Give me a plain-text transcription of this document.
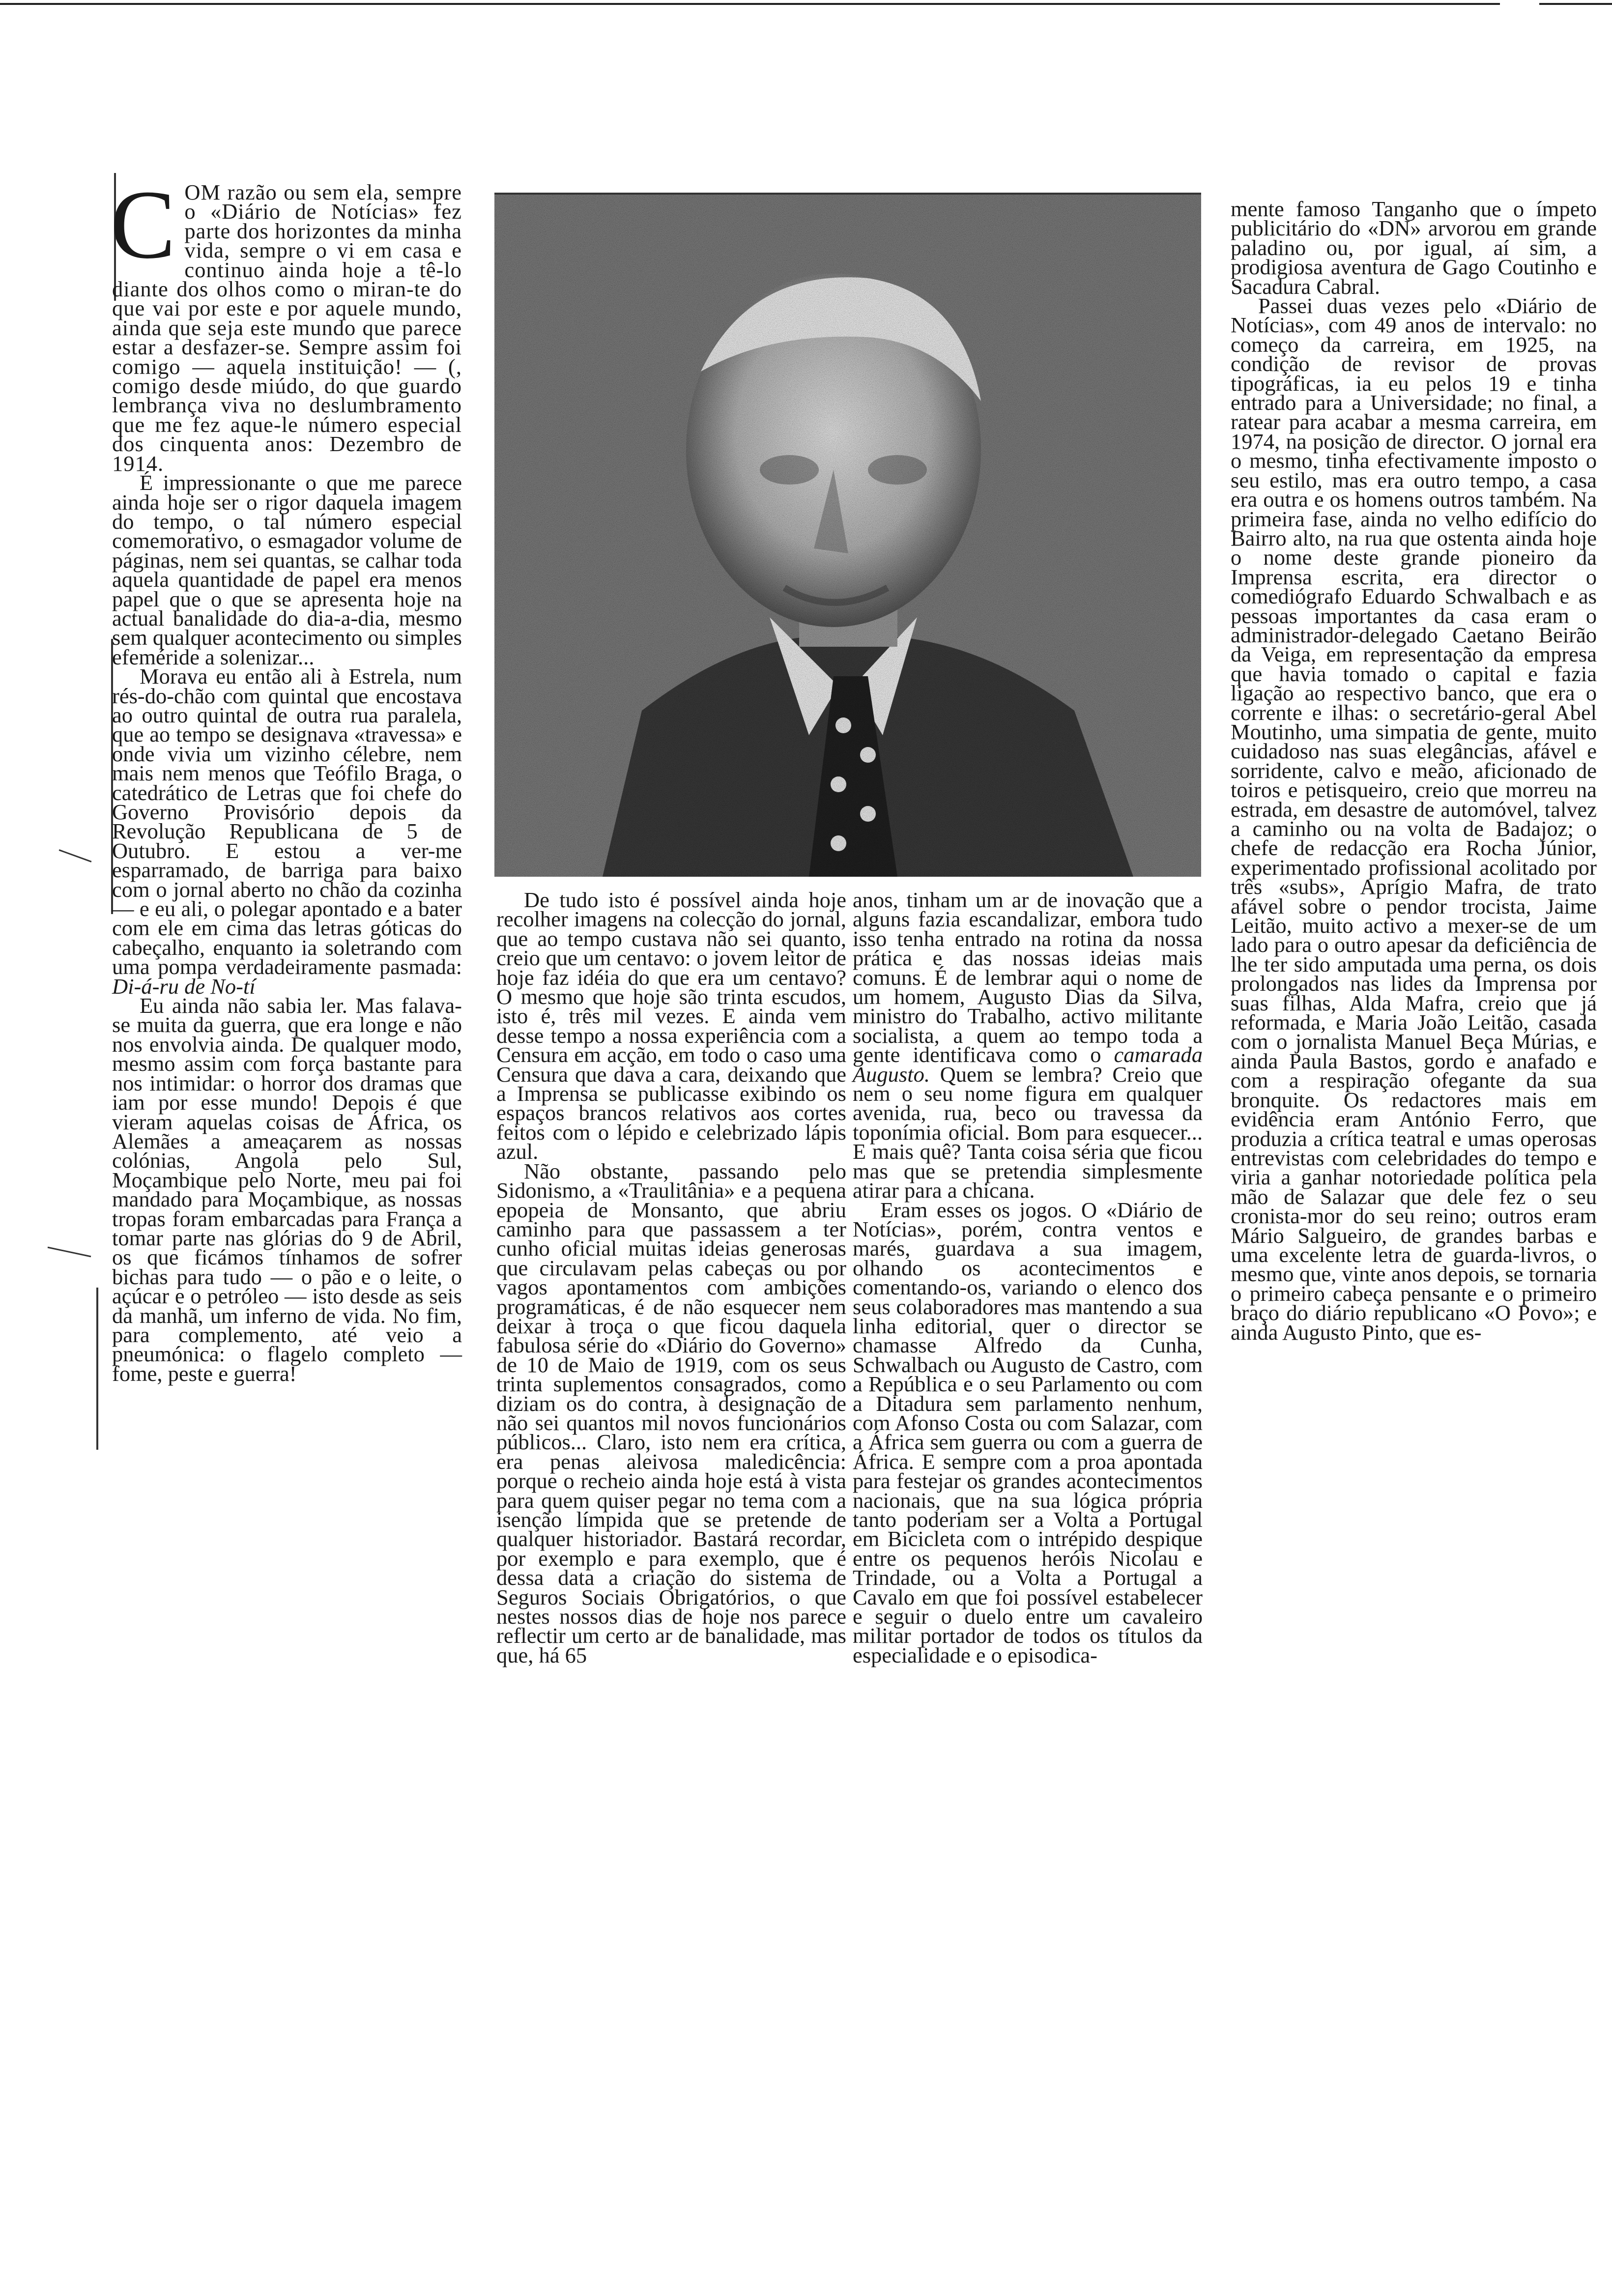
COM razão ou sem ela, sempre o «Diário de Notícias» fez parte dos horizontes da minha vida, sempre o vi em casa e continuo ainda hoje a tê-lo diante dos olhos como o miran-te do que vai por este e por aquele mundo, ainda que seja este mundo que parece estar a desfazer-se. Sempre assim foi comigo — aquela instituição! — (, comigo desde miúdo, do que guardo lembrança viva no deslumbramento que me fez aque-le número especial dos cinquenta anos: Dezembro de 1914.

É impressionante o que me parece ainda hoje ser o rigor daquela imagem do tempo, o tal número especial comemorativo, o esmagador volume de páginas, nem sei quantas, se calhar toda aquela quantidade de papel era menos papel que o que se apresenta hoje na actual banalidade do dia-a-dia, mesmo sem qualquer acontecimento ou simples efeméride a solenizar...

Morava eu então ali à Estrela, num rés-do-chão com quintal que encostava ao outro quintal de outra rua paralela, que ao tempo se designava «travessa» e onde vivia um vizinho célebre, nem mais nem menos que Teófilo Braga, o catedrático de Letras que foi chefe do Governo Provisório depois da Revolução Republicana de 5 de Outubro. E estou a ver-me esparramado, de barriga para baixo com o jornal aberto no chão da cozinha — e eu ali, o polegar apontado e a bater com ele em cima das letras góticas do cabeçalho, enquanto ia soletrando com uma pompa verdadeiramente pasmada: Di-á-ru de No-tí

Eu ainda não sabia ler. Mas falava-se muita da guerra, que era longe e não nos envolvia ainda. De qualquer modo, mesmo assim com força bastante para nos intimidar: o horror dos dramas que iam por esse mundo! Depois é que vieram aquelas coisas de África, os Alemães a ameaçarem as nossas colónias, Angola pelo Sul, Moçambique pelo Norte, meu pai foi mandado para Moçambique, as nossas tropas foram embarcadas para França a tomar parte nas glórias do 9 de Abril, os que ficámos tínhamos de sofrer bichas para tudo — o pão e o leite, o açúcar e o petróleo — isto desde as seis da manhã, um inferno de vida. No fim, para complemento, até veio a pneumónica: o flagelo completo — fome, peste e guerra!

De tudo isto é possível ainda hoje recolher imagens na colecção do jornal, que ao tempo custava não sei quanto, creio que um centavo: o jovem leitor de hoje faz idéia do que era um centavo? O mesmo que hoje são trinta escudos, isto é, três mil vezes. E ainda vem desse tempo a nossa experiência com a Censura em acção, em todo o caso uma Censura que dava a cara, deixando que a Imprensa se publicasse exibindo os espaços brancos relativos aos cortes feitos com o lépido e celebrizado lápis azul.

Não obstante, passando pelo Sidonismo, a «Traulitânia» e a pequena epopeia de Monsanto, que abriu caminho para que passassem a ter cunho oficial muitas ideias generosas que circulavam pelas cabeças ou por vagos apontamentos com ambições programáticas, é de não esquecer nem deixar à troça o que ficou daquela fabulosa série do «Diário do Governo» de 10 de Maio de 1919, com os seus trinta suplementos consagrados, como diziam os do contra, à designação de não sei quantos mil novos funcionários públicos... Claro, isto nem era crítica, era penas aleivosa maledicência: porque o recheio ainda hoje está à vista para quem quiser pegar no tema com a isenção límpida que se pretende de qualquer historiador. Bastará recordar, por exemplo e para exemplo, que é dessa data a criação do sistema de Seguros Sociais Obrigatórios, o que nestes nossos dias de hoje nos parece reflectir um certo ar de banalidade, mas que, há 65

anos, tinham um ar de inovação que a alguns fazia escandalizar, embora tudo isso tenha entrado na rotina da nossa prática e das nossas ideias mais comuns. É de lembrar aqui o nome de um homem, Augusto Dias da Silva, ministro do Trabalho, activo militante socialista, a quem ao tempo toda a gente identificava como o camarada Augusto. Quem se lembra? Creio que nem o seu nome figura em qualquer avenida, rua, beco ou travessa da toponímia oficial. Bom para esquecer... E mais quê? Tanta coisa séria que ficou mas que se pretendia simplesmente atirar para a chicana.

Eram esses os jogos. O «Diário de Notícias», porém, contra ventos e marés, guardava a sua imagem, olhando os acontecimentos e comentando-os, variando o elenco dos seus colaboradores mas mantendo a sua linha editorial, quer o director se chamasse Alfredo da Cunha, Schwalbach ou Augusto de Castro, com a República e o seu Parlamento ou com a Ditadura sem parlamento nenhum, com Afonso Costa ou com Salazar, com a África sem guerra ou com a guerra de África. E sempre com a proa apontada para festejar os grandes acontecimentos nacionais, que na sua lógica própria tanto poderiam ser a Volta a Portugal em Bicicleta com o intrépido despique entre os pequenos heróis Nicolau e Trindade, ou a Volta a Portugal a Cavalo em que foi possível estabelecer e seguir o duelo entre um cavaleiro militar portador de todos os títulos da especialidade e o episodica-

mente famoso Tanganho que o ímpeto publicitário do «DN» arvorou em grande paladino ou, por igual, aí sim, a prodigiosa aventura de Gago Coutinho e Sacadura Cabral.

Passei duas vezes pelo «Diário de Notícias», com 49 anos de intervalo: no começo da carreira, em 1925, na condição de revisor de provas tipográficas, ia eu pelos 19 e tinha entrado para a Universidade; no final, a ratear para acabar a mesma carreira, em 1974, na posição de director. O jornal era o mesmo, tinha efectivamente imposto o seu estilo, mas era outro tempo, a casa era outra e os homens outros também. Na primeira fase, ainda no velho edifício do Bairro alto, na rua que ostenta ainda hoje o nome deste grande pioneiro da Imprensa escrita, era director o comediógrafo Eduardo Schwalbach e as pessoas importantes da casa eram o administrador-delegado Caetano Beirão da Veiga, em representação da empresa que havia tomado o capital e fazia ligação ao respectivo banco, que era o corrente e ilhas: o secretário-geral Abel Moutinho, uma simpatia de gente, muito cuidadoso nas suas elegâncias, afável e sorridente, calvo e meão, aficionado de toiros e petisqueiro, creio que morreu na estrada, em desastre de automóvel, talvez a caminho ou na volta de Badajoz; o chefe de redacção era Rocha Júnior, experimentado profissional acolitado por três «subs», Aprígio Mafra, de trato afável sobre o pendor trocista, Jaime Leitão, muito activo a mexer-se de um lado para o outro apesar da deficiência de lhe ter sido amputada uma perna, os dois prolongados nas lides da Imprensa por suas filhas, Alda Mafra, creio que já reformada, e Maria João Leitão, casada com o jornalista Manuel Beça Múrias, e ainda Paula Bastos, gordo e anafado e com a respiração ofegante da sua bronquite. Os redactores mais em evidência eram António Ferro, que produzia a crítica teatral e umas operosas entrevistas com celebridades do tempo e viria a ganhar notoriedade política pela mão de Salazar que dele fez o seu cronista-mor do seu reino; outros eram Mário Salgueiro, de grandes barbas e uma excelente letra de guarda-livros, o mesmo que, vinte anos depois, se tornaria o primeiro cabeça pensante e o primeiro braço do diário republicano «O Povo»; e ainda Augusto Pinto, que es-
